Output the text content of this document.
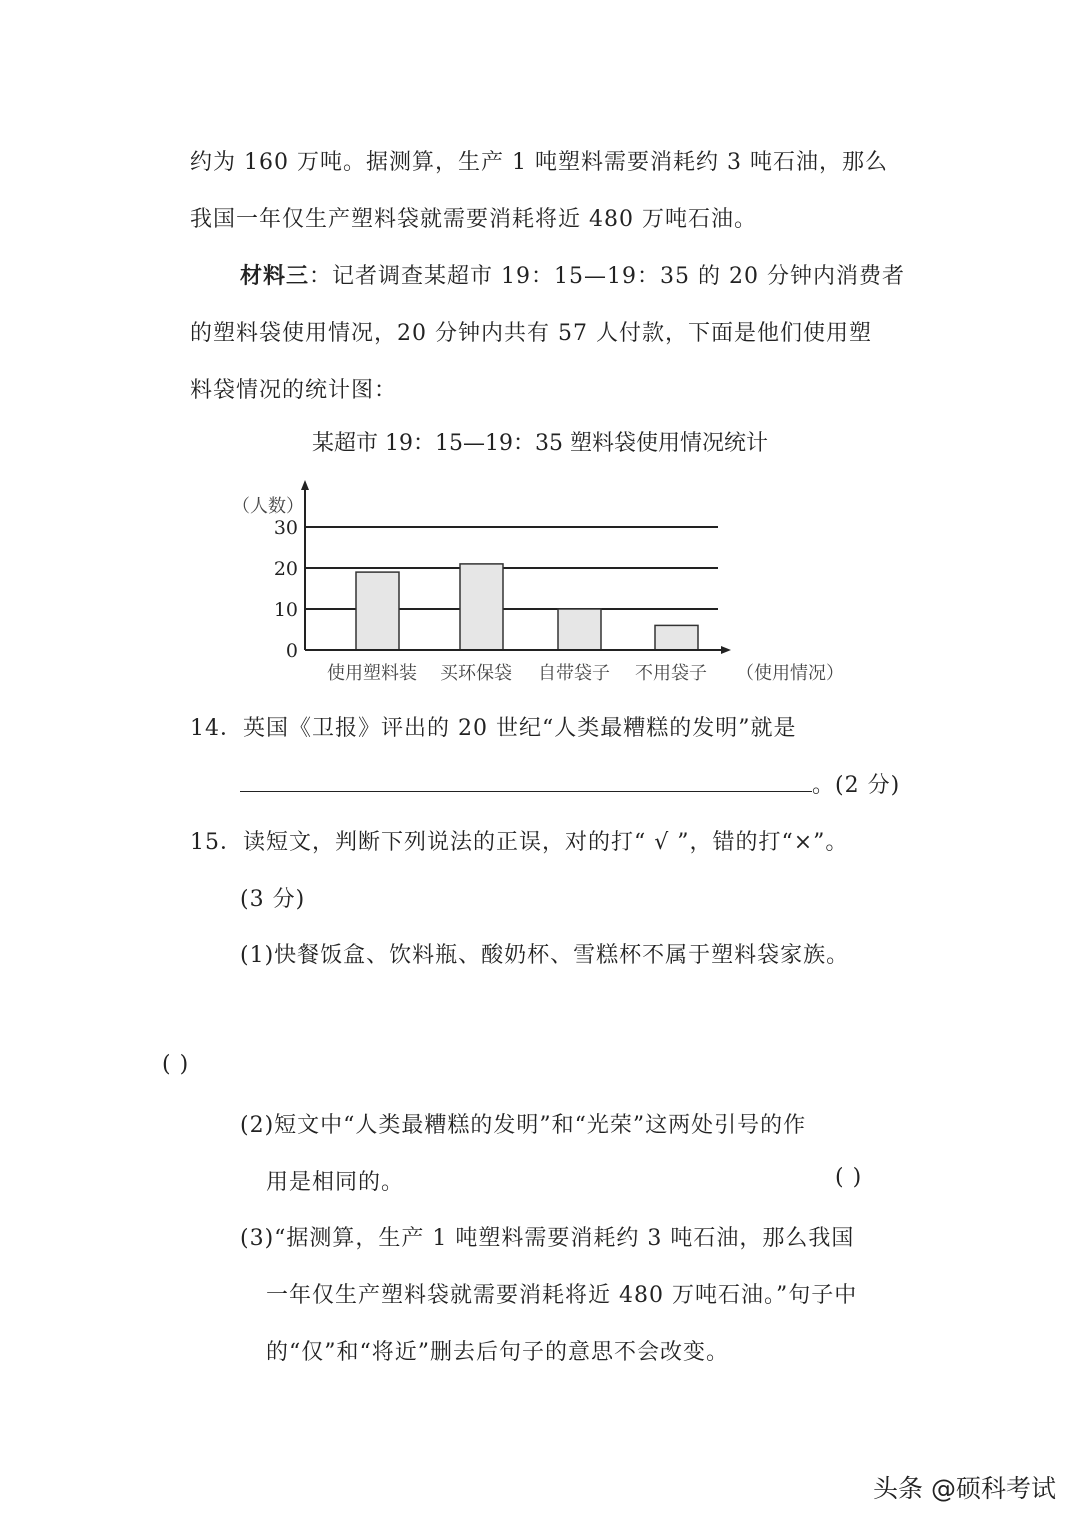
约为 160 万吨。据测算，生产 1 吨塑料需要消耗约 3 吨石油，那么
我国一年仅生产塑料袋就需要消耗将近 480 万吨石油。
材料三：记者调查某超市 19：15—19：35 的 20 分钟内消费者
的塑料袋使用情况，20 分钟内共有 57 人付款，下面是他们使用塑
料袋情况的统计图：
某超市 19：15—19：35 塑料袋使用情况统计
（人数）
（使用情况）
0
10
20
30
使用塑料装 买环保袋 自带袋子 不用袋子
14．英国《卫报》评出的 20 世纪“人类最糟糕的发明”就是
。(2 分)
15．读短文，判断下列说法的正误，对的打“ √ ”，错的打“×”。
(3 分)
(1)快餐饭盒、饮料瓶、酸奶杯、雪糕杯不属于塑料袋家族。
( )
(2)短文中“人类最糟糕的发明”和“光荣”这两处引号的作
用是相同的。	( )
(3)“据测算，生产 1 吨塑料需要消耗约 3 吨石油，那么我国
一年仅生产塑料袋就需要消耗将近 480 万吨石油。”句子中
的“仅”和“将近”删去后句子的意思不会改变。
头条 @硕科考试
